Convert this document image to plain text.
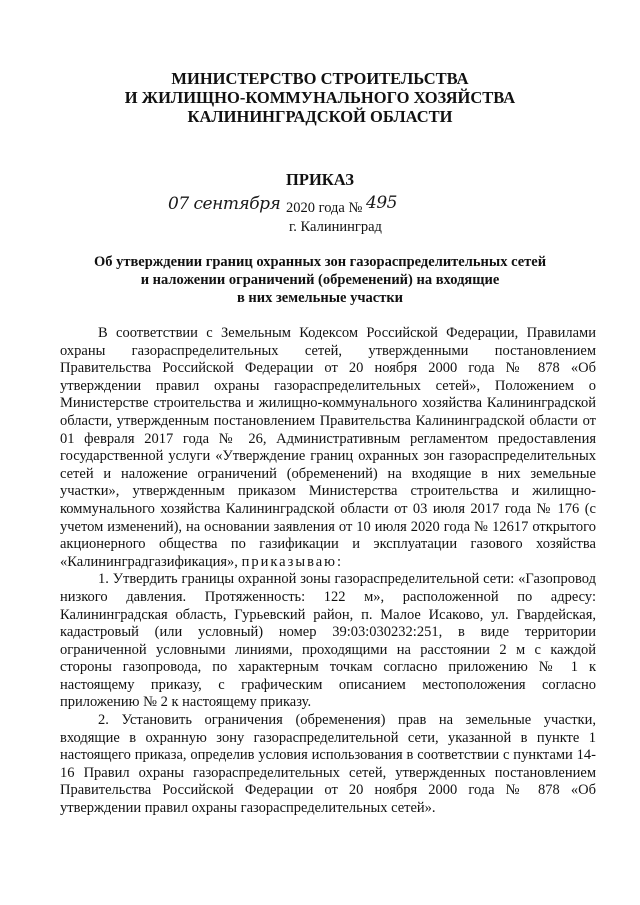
МИНИСТЕРСТВО СТРОИТЕЛЬСТВА
И ЖИЛИЩНО-КОММУНАЛЬНОГО ХОЗЯЙСТВА
КАЛИНИНГРАДСКОЙ ОБЛАСТИ
ПРИКАЗ
07 сентября 2020 года № 495
г. Калининград
Об утверждении границ охранных зон газораспределительных сетей
и наложении ограничений (обременений) на входящие
в них земельные участки

В соответствии с Земельным Кодексом Российской Федерации, Правилами охраны газораспределительных сетей, утвержденными постановлением Правительства Российской Федерации от 20 ноября 2000 года № 878 «Об утверждении правил охраны газораспределительных сетей», Положением о Министерстве строительства и жилищно-коммунального хозяйства Калининградской области, утвержденным постановлением Правительства Калининградской области от 01 февраля 2017 года № 26, Административным регламентом предоставления государственной услуги «Утверждение границ охранных зон газораспределительных сетей и наложение ограничений (обременений) на входящие в них земельные участки», утвержденным приказом Министерства строительства и жилищно-коммунального хозяйства Калининградской области от 03 июля 2017 года № 176 (с учетом изменений), на основании заявления от 10 июля 2020 года № 12617 открытого акционерного общества по газификации и эксплуатации газового хозяйства «Калининградгазификация», приказываю:

1. Утвердить границы охранной зоны газораспределительной сети: «Газопровод низкого давления. Протяженность: 122 м», расположенной по адресу: Калининградская область, Гурьевский район, п. Малое Исаково, ул. Гвардейская, кадастровый (или условный) номер 39:03:030232:251, в виде территории ограниченной условными линиями, проходящими на расстоянии 2 м с каждой стороны газопровода, по характерным точкам согласно приложению № 1 к настоящему приказу, с графическим описанием местоположения согласно приложению № 2 к настоящему приказу.

2. Установить ограничения (обременения) прав на земельные участки, входящие в охранную зону газораспределительной сети, указанной в пункте 1 настоящего приказа, определив условия использования в соответствии с пунктами 14-16 Правил охраны газораспределительных сетей, утвержденных постановлением Правительства Российской Федерации от 20 ноября 2000 года № 878 «Об утверждении правил охраны газораспределительных сетей».
